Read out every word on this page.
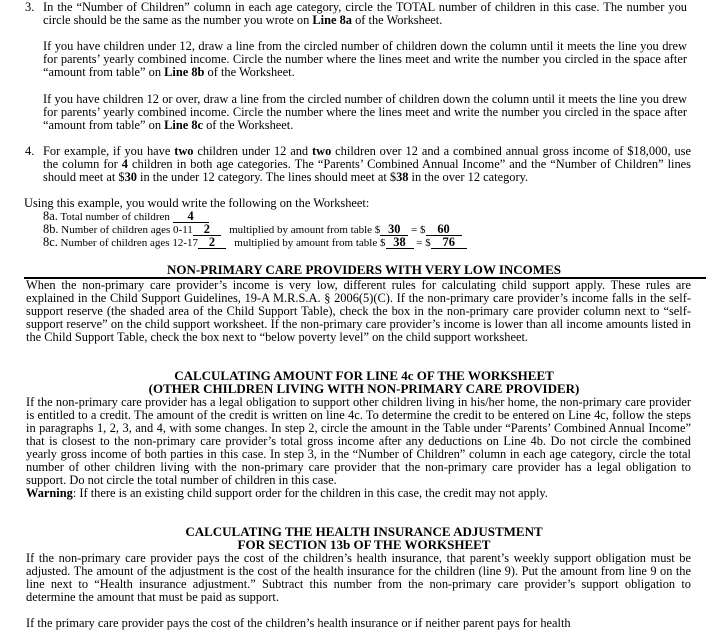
3. In the “Number of Children” column in each age category, circle the TOTAL number of children in this case. The number you circle should be the same as the number you wrote on Line 8a of the Worksheet.
If you have children under 12, draw a line from the circled number of children down the column until it meets the line you drew for parents’ yearly combined income. Circle the number where the lines meet and write the number you circled in the space after “amount from table” on Line 8b of the Worksheet.
If you have children 12 or over, draw a line from the circled number of children down the column until it meets the line you drew for parents’ yearly combined income. Circle the number where the lines meet and write the number you circled in the space after “amount from table” on Line 8c of the Worksheet.
4. For example, if you have two children under 12 and two children over 12 and a combined annual gross income of $18,000, use the column for 4 children in both age categories. The “Parents’ Combined Annual Income” and the “Number of Children” lines should meet at $30 in the under 12 category. The lines should meet at $38 in the over 12 category.
Using this example, you would write the following on the Worksheet:
8a. Total number of children 4
8b. Number of children ages 0-11 2 multiplied by amount from table $ 30 = $ 60
8c. Number of children ages 12-17 2 multiplied by amount from table $ 38 = $ 76
NON-PRIMARY CARE PROVIDERS WITH VERY LOW INCOMES
When the non-primary care provider’s income is very low, different rules for calculating child support apply. These rules are explained in the Child Support Guidelines, 19-A M.R.S.A. § 2006(5)(C). If the non-primary care provider’s income falls in the self-support reserve (the shaded area of the Child Support Table), check the box in the non-primary care provider column next to “self-support reserve” on the child support worksheet. If the non-primary care provider’s income is lower than all income amounts listed in the Child Support Table, check the box next to “below poverty level” on the child support worksheet.
CALCULATING AMOUNT FOR LINE 4c OF THE WORKSHEET
(OTHER CHILDREN LIVING WITH NON-PRIMARY CARE PROVIDER)
If the non-primary care provider has a legal obligation to support other children living in his/her home, the non-primary care provider is entitled to a credit. The amount of the credit is written on line 4c. To determine the credit to be entered on Line 4c, follow the steps in paragraphs 1, 2, 3, and 4, with some changes. In step 2, circle the amount in the Table under “Parents’ Combined Annual Income” that is closest to the non-primary care provider’s total gross income after any deductions on Line 4b. Do not circle the combined yearly gross income of both parties in this case. In step 3, in the “Number of Children” column in each age category, circle the total number of other children living with the non-primary care provider that the non-primary care provider has a legal obligation to support. Do not circle the total number of children in this case.
Warning: If there is an existing child support order for the children in this case, the credit may not apply.
CALCULATING THE HEALTH INSURANCE ADJUSTMENT
FOR SECTION 13b OF THE WORKSHEET
If the non-primary care provider pays the cost of the children’s health insurance, that parent’s weekly support obligation must be adjusted. The amount of the adjustment is the cost of the health insurance for the children (line 9). Put the amount from line 9 on the line next to “Health insurance adjustment.” Subtract this number from the non-primary care provider’s support obligation to determine the amount that must be paid as support.
If the primary care provider pays the cost of the children’s health insurance or if neither parent pays for health
